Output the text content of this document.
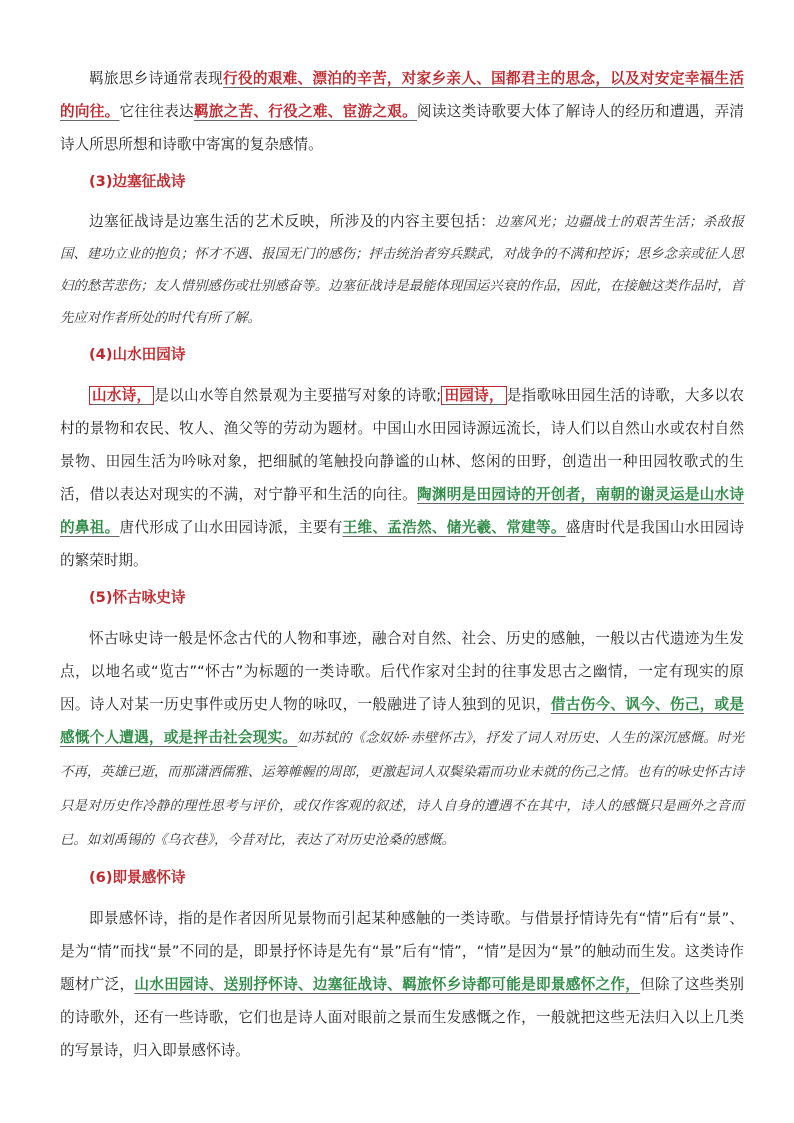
羁旅思乡诗通常表现行役的艰难、漂泊的辛苦，对家乡亲人、国都君主的思念，以及对安定幸福生活的向往。它往往表达羁旅之苦、行役之难、宦游之艰。阅读这类诗歌要大体了解诗人的经历和遭遇，弄清诗人所思所想和诗歌中寄寓的复杂感情。

(3)边塞征战诗

边塞征战诗是边塞生活的艺术反映，所涉及的内容主要包括：边塞风光；边疆战士的艰苦生活；杀敌报国、建功立业的抱负；怀才不遇、报国无门的感伤；抨击统治者穷兵黩武，对战争的不满和控诉；思乡念亲或征人思妇的愁苦悲伤；友人惜别感伤或壮别感奋等。边塞征战诗是最能体现国运兴衰的作品，因此，在接触这类作品时，首先应对作者所处的时代有所了解。

(4)山水田园诗

山水诗， 是以山水等自然景观为主要描写对象的诗歌; 田园诗， 是指歌咏田园生活的诗歌，大多以农村的景物和农民、牧人、渔父等的劳动为题材。中国山水田园诗源远流长，诗人们以自然山水或农村自然景物、田园生活为吟咏对象，把细腻的笔触投向静谧的山林、悠闲的田野，创造出一种田园牧歌式的生活，借以表达对现实的不满，对宁静平和生活的向往。陶渊明是田园诗的开创者，南朝的谢灵运是山水诗的鼻祖。唐代形成了山水田园诗派，主要有王维、孟浩然、储光羲、常建等。盛唐时代是我国山水田园诗的繁荣时期。

(5)怀古咏史诗

怀古咏史诗一般是怀念古代的人物和事迹，融合对自然、社会、历史的感触，一般以古代遗迹为生发点，以地名或“览古”“怀古”为标题的一类诗歌。后代作家对尘封的往事发思古之幽情，一定有现实的原因。诗人对某一历史事件或历史人物的咏叹，一般融进了诗人独到的见识，借古伤今、讽今、伤己，或是感慨个人遭遇，或是抨击社会现实。如苏轼的《念奴娇·赤壁怀古》，抒发了词人对历史、人生的深沉感慨。时光不再，英雄已逝，而那潇洒儒雅、运筹帷幄的周郎，更激起词人双鬓染霜而功业未就的伤己之情。也有的咏史怀古诗只是对历史作冷静的理性思考与评价，或仅作客观的叙述，诗人自身的遭遇不在其中，诗人的感慨只是画外之音而已。如刘禹锡的《乌衣巷》，今昔对比，表达了对历史沧桑的感慨。

(6)即景感怀诗

即景感怀诗，指的是作者因所见景物而引起某种感触的一类诗歌。与借景抒情诗先有“情”后有“景”、是为“情”而找“景”不同的是，即景抒怀诗是先有“景”后有“情”，“情”是因为“景”的触动而生发。这类诗作题材广泛，山水田园诗、送别抒怀诗、边塞征战诗、羁旅怀乡诗都可能是即景感怀之作，但除了这些类别的诗歌外，还有一些诗歌，它们也是诗人面对眼前之景而生发感慨之作，一般就把这些无法归入以上几类的写景诗，归入即景感怀诗。
